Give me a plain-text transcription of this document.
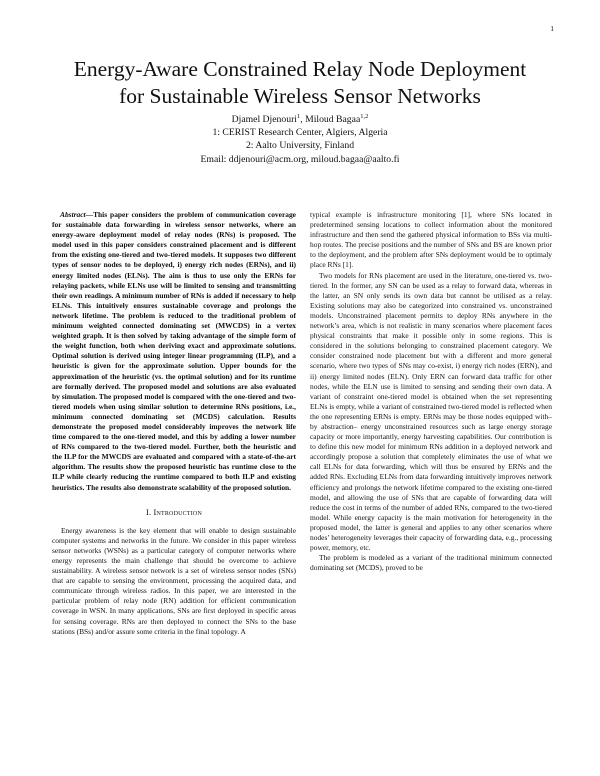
1
Energy-Aware Constrained Relay Node Deployment
for Sustainable Wireless Sensor Networks
Djamel Djenouri$^1$, Miloud Bagaa$^{1,2}$
1: CERIST Research Center, Algiers, Algeria
2: Aalto University, Finland
Email: ddjenouri@acm.org, miloud.bagaa@aalto.fi

Abstract—This paper considers the problem of communication coverage for sustainable data forwarding in wireless sensor networks, where an energy-aware deployment model of relay nodes (RNs) is proposed. The model used in this paper considers constrained placement and is different from the existing one-tiered and two-tiered models. It supposes two different types of sensor nodes to be deployed, i) energy rich nodes (ERNs), and ii) energy limited nodes (ELNs). The aim is thus to use only the ERNs for relaying packets, while ELNs use will be limited to sensing and transmitting their own readings. A minimum number of RNs is added if necessary to help ELNs. This intuitively ensures sustainable coverage and prolongs the network lifetime. The problem is reduced to the traditional problem of minimum weighted connected dominating set (MWCDS) in a vertex weighted graph. It is then solved by taking advantage of the simple form of the weight function, both when deriving exact and approximate solutions. Optimal solution is derived using integer linear programming (ILP), and a heuristic is given for the approximate solution. Upper bounds for the approximation of the heuristic (vs. the optimal solution) and for its runtime are formally derived. The proposed model and solutions are also evaluated by simulation. The proposed model is compared with the one-tiered and two-tiered models when using similar solution to determine RNs positions, i.e., minimum connected dominating set (MCDS) calculation. Results demonstrate the proposed model considerably improves the network life time compared to the one-tiered model, and this by adding a lower number of RNs compared to the two-tiered model. Further, both the heuristic and the ILP for the MWCDS are evaluated and compared with a state-of-the-art algorithm. The results show the proposed heuristic has runtime close to the ILP while clearly reducing the runtime compared to both ILP and existing heuristics. The results also demonstrate scalability of the proposed solution.

I. Introduction

Energy awareness is the key element that will enable to design sustainable computer systems and networks in the future. We consider in this paper wireless sensor networks (WSNs) as a particular category of computer networks where energy represents the main challenge that should be overcome to achieve sustainability. A wireless sensor network is a set of wireless sensor nodes (SNs) that are capable to sensing the environment, processing the acquired data, and communicate through wireless radios. In this paper, we are interested in the particular problem of relay node (RN) addition for efficient communication coverage in WSN. In many applications, SNs are first deployed in specific areas for sensing coverage. RNs are then deployed to connect the SNs to the base stations (BSs) and/or assure some criteria in the final topology. A

typical example is infrastructure monitoring [1], where SNs located in predetermined sensing locations to collect information about the monitored infrastructure and then send the gathered physical information to BSs via multi-hop routes. The precise positions and the number of SNs and BS are known prior to the deployment, and the problem after SNs deployment would be to optimaly place RNs [1].

Two models for RNs placement are used in the literature, one-tiered vs. two-tiered. In the former, any SN can be used as a relay to forward data, whereas in the latter, an SN only sends its own data but cannot be utilised as a relay. Existing solutions may also be categorized into constrained vs. unconstrained models. Unconstrained placement permits to deploy RNs anywhere in the network’s area, which is not realistic in many scenarios where placement faces physical constraints that make it possible only in some regions. This is considered in the solutions belonging to constrained placement category. We consider constrained node placement but with a different and more general scenario, where two types of SNs may co-exist, i) energy rich nodes (ERN), and ii) energy limited nodes (ELN). Only ERN can forward data traffic for other nodes, while the ELN use is limited to sensing and sending their own data. A variant of constraint one-tiered model is obtained when the set representing ELNs is empty, while a variant of constrained two-tiered model is reflected when the one representing ERNs is empty. ERNs may be those nodes equipped with– by abstraction– energy unconstrained resources such as large energy storage capacity or more importantly, energy harvesting capabilities. Our contribution is to define this new model for minimum RNs addition in a deployed network and accordingly propose a solution that completely eliminates the use of what we call ELNs for data forwarding, which will thus be ensured by ERNs and the added RNs. Excluding ELNs from data forwarding intuitively improves network efficiency and prolongs the network lifetime compared to the existing one-tiered model, and allowing the use of SNs that are capable of forwarding data will reduce the cost in terms of the number of added RNs, compared to the two-tiered model. While energy capacity is the main motivation for heterogeneity in the proposed model, the latter is general and applies to any other scenarios where nodes’ heterogeneity leverages their capacity of forwarding data, e.g., processing power, memory, etc.

The problem is modeled as a variant of the traditional minimum connected dominating set (MCDS), proved to be
